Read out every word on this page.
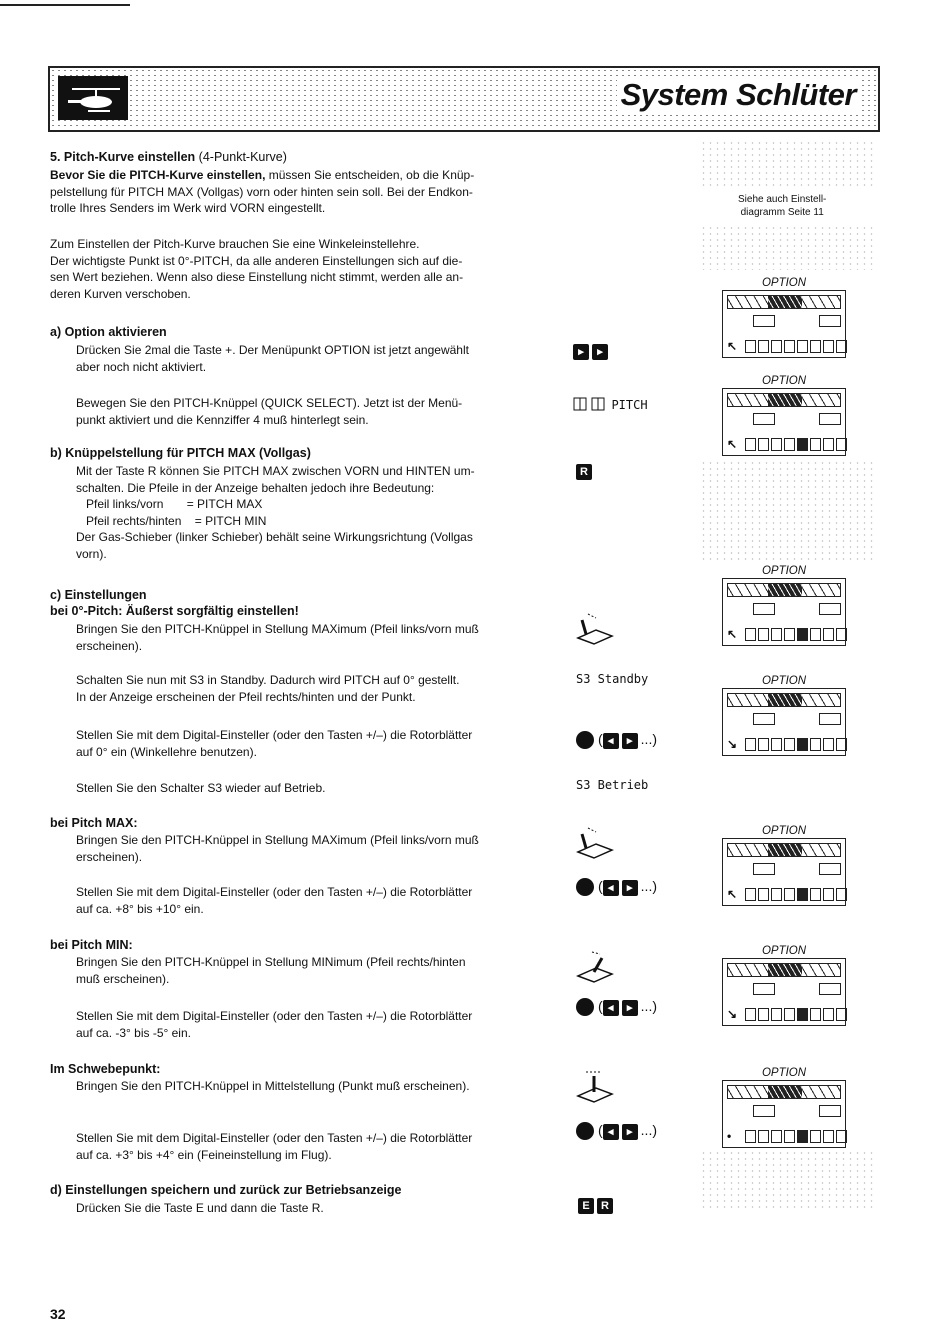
System Schlüter
5. Pitch-Kurve einstellen (4-Punkt-Kurve)
Bevor Sie die PITCH-Kurve einstellen, müssen Sie entscheiden, ob die Knüp-
pelstellung für PITCH MAX (Vollgas) vorn oder hinten sein soll. Bei der Endkon-
trolle Ihres Senders im Werk wird VORN eingestellt.
Zum Einstellen der Pitch-Kurve brauchen Sie eine Winkeleinstellehre.
Der wichtigste Punkt ist 0°-PITCH, da alle anderen Einstellungen sich auf die-
sen Wert beziehen. Wenn also diese Einstellung nicht stimmt, werden alle an-
deren Kurven verschoben.
Siehe auch Einstell-
diagramm Seite 11
a) Option aktivieren
Drücken Sie 2mal die Taste +. Der Menüpunkt OPTION ist jetzt angewählt
aber noch nicht aktiviert.
▸ ▸
Bewegen Sie den PITCH-Knüppel (QUICK SELECT). Jetzt ist der Menü-
punkt aktiviert und die Kennziffer 4 muß hinterlegt sein.
PITCH
b) Knüppelstellung für PITCH MAX (Vollgas)
Mit der Taste R können Sie PITCH MAX zwischen VORN und HINTEN um-
schalten. Die Pfeile in der Anzeige behalten jedoch ihre Bedeutung:
Pfeil links/vorn       = PITCH MAX
Pfeil rechts/hinten    = PITCH MIN
Der Gas-Schieber (linker Schieber) behält seine Wirkungsrichtung (Vollgas
vorn).
R
c) Einstellungen
bei 0°-Pitch: Äußerst sorgfältig einstellen!
Bringen Sie den PITCH-Knüppel in Stellung MAXimum (Pfeil links/vorn muß
erscheinen).
Schalten Sie nun mit S3 in Standby. Dadurch wird PITCH auf 0° gestellt.
In der Anzeige erscheinen der Pfeil rechts/hinten und der Punkt.
S3 Standby
Stellen Sie mit dem Digital-Einsteller (oder den Tasten +/–) die Rotorblätter
auf 0° ein (Winkellehre benutzen).
Stellen Sie den Schalter S3 wieder auf Betrieb.	S3 Betrieb
bei Pitch MAX:
Bringen Sie den PITCH-Knüppel in Stellung MAXimum (Pfeil links/vorn muß
erscheinen).
Stellen Sie mit dem Digital-Einsteller (oder den Tasten +/–) die Rotorblätter
auf ca. +8° bis +10° ein.
bei Pitch MIN:
Bringen Sie den PITCH-Knüppel in Stellung MINimum (Pfeil rechts/hinten
muß erscheinen).
Stellen Sie mit dem Digital-Einsteller (oder den Tasten +/–) die Rotorblätter
auf ca. -3° bis -5° ein.
Im Schwebepunkt:
Bringen Sie den PITCH-Knüppel in Mittelstellung (Punkt muß erscheinen).
Stellen Sie mit dem Digital-Einsteller (oder den Tasten +/–) die Rotorblätter
auf ca. +3° bis +4° ein (Feineinstellung im Flug).
d) Einstellungen speichern und zurück zur Betriebsanzeige
Drücken Sie die Taste E und dann die Taste R.	E R
( ◂ ▸ ...)
( ◂ ▸ ...)
( ◂ ▸ ...)
( ◂ ▸ ...)
OPTION
↖
OPTION
↖
OPTION
↖
OPTION
↘
OPTION
↖
OPTION
↘
OPTION
•
32
